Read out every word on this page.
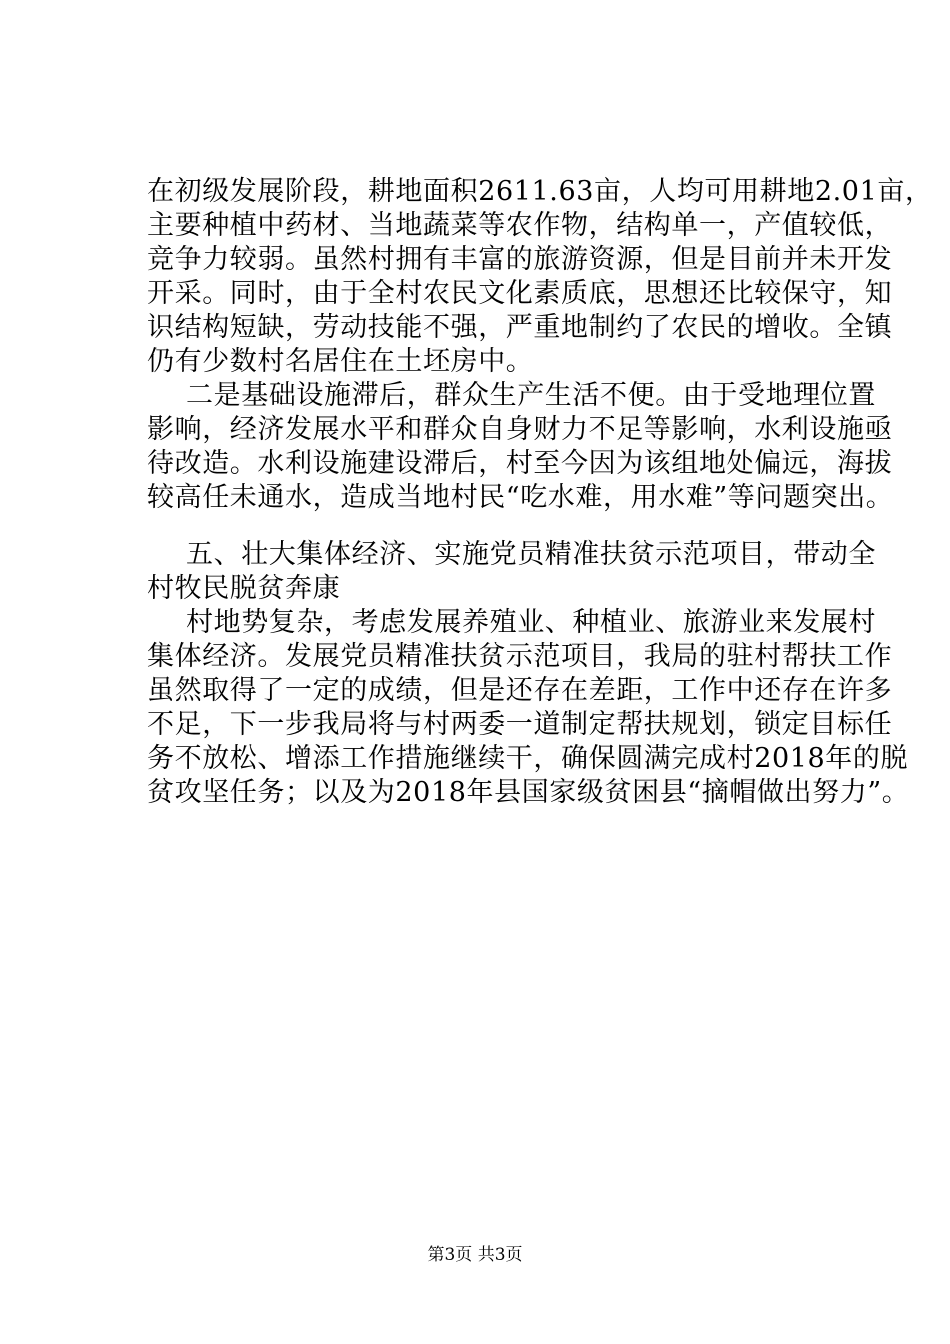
在初级发展阶段，耕地面积2611.63亩，人均可用耕地2.01亩，
主要种植中药材、当地蔬菜等农作物，结构单一，产值较低，
竞争力较弱。虽然村拥有丰富的旅游资源，但是目前并未开发
开采。同时，由于全村农民文化素质底，思想还比较保守，知
识结构短缺，劳动技能不强，严重地制约了农民的增收。全镇
仍有少数村名居住在土坯房中。
二是基础设施滞后，群众生产生活不便。由于受地理位置
影响，经济发展水平和群众自身财力不足等影响，水利设施亟
待改造。水利设施建设滞后，村至今因为该组地处偏远，海拔
较高任未通水，造成当地村民“吃水难，用水难”等问题突出。
五、壮大集体经济、实施党员精准扶贫示范项目，带动全
村牧民脱贫奔康
村地势复杂，考虑发展养殖业、种植业、旅游业来发展村
集体经济。发展党员精准扶贫示范项目，我局的驻村帮扶工作
虽然取得了一定的成绩，但是还存在差距，工作中还存在许多
不足，下一步我局将与村两委一道制定帮扶规划，锁定目标任
务不放松、增添工作措施继续干，确保圆满完成村2018年的脱
贫攻坚任务；以及为2018年县国家级贫困县“摘帽做出努力”。
第3页 共3页
